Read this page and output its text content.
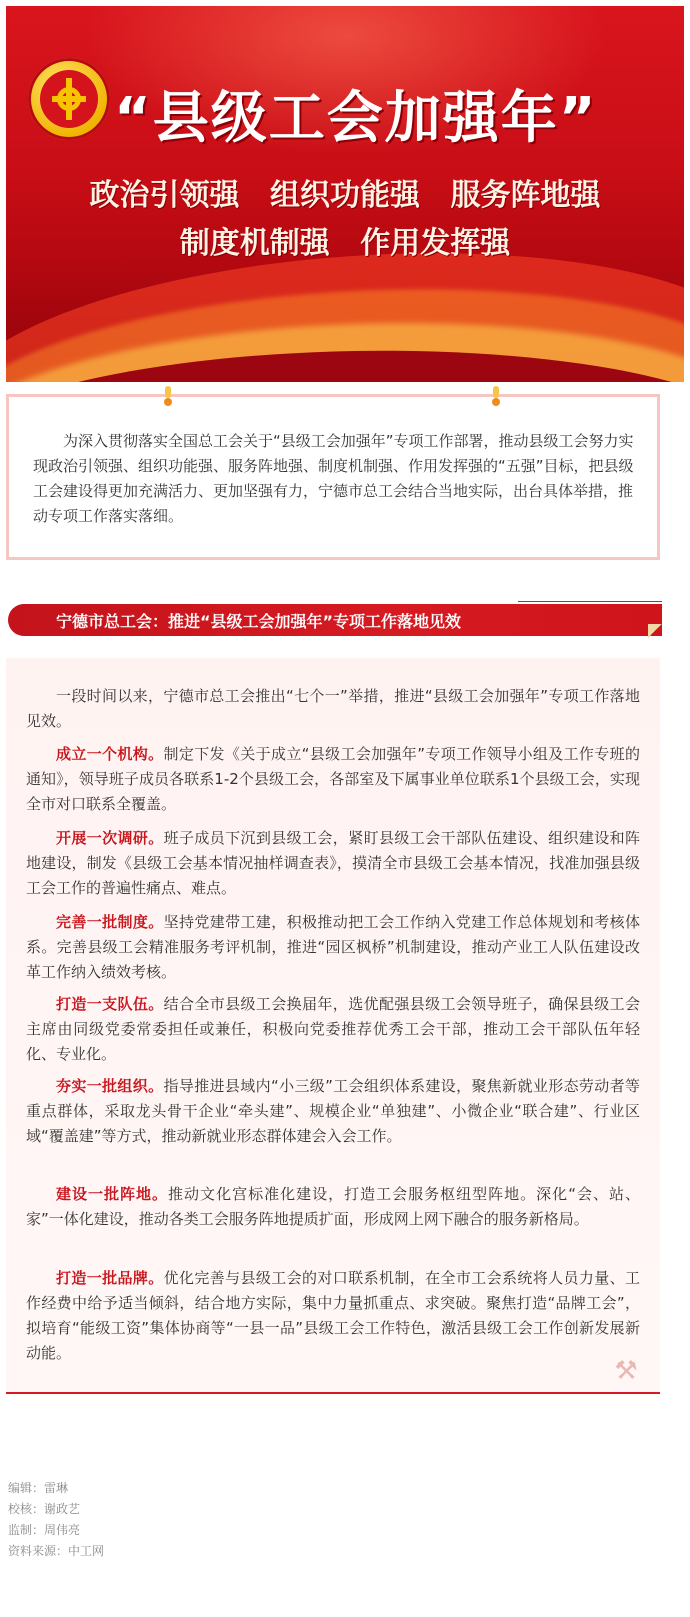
“县级工会加强年”
政治引领强 组织功能强 服务阵地强
制度机制强 作用发挥强

为深入贯彻落实全国总工会关于“县级工会加强年”专项工作部署，推动县级工会努力实现政治引领强、组织功能强、服务阵地强、制度机制强、作用发挥强的“五强”目标，把县级工会建设得更加充满活力、更加坚强有力，宁德市总工会结合当地实际，出台具体举措，推动专项工作落实落细。

宁德市总工会：推进“县级工会加强年”专项工作落地见效

一段时间以来，宁德市总工会推出“七个一”举措，推进“县级工会加强年”专项工作落地见效。

成立一个机构。制定下发《关于成立“县级工会加强年”专项工作领导小组及工作专班的通知》，领导班子成员各联系1-2个县级工会，各部室及下属事业单位联系1个县级工会，实现全市对口联系全覆盖。

开展一次调研。班子成员下沉到县级工会，紧盯县级工会干部队伍建设、组织建设和阵地建设，制发《县级工会基本情况抽样调查表》，摸清全市县级工会基本情况，找准加强县级工会工作的普遍性痛点、难点。

完善一批制度。坚持党建带工建，积极推动把工会工作纳入党建工作总体规划和考核体系。完善县级工会精准服务考评机制，推进“园区枫桥”机制建设，推动产业工人队伍建设改革工作纳入绩效考核。

打造一支队伍。结合全市县级工会换届年，选优配强县级工会领导班子，确保县级工会主席由同级党委常委担任或兼任，积极向党委推荐优秀工会干部，推动工会干部队伍年轻化、专业化。

夯实一批组织。指导推进县域内“小三级”工会组织体系建设，聚焦新就业形态劳动者等重点群体，采取龙头骨干企业“牵头建”、规模企业“单独建”、小微企业“联合建”、行业区域“覆盖建”等方式，推动新就业形态群体建会入会工作。

建设一批阵地。推动文化宫标准化建设，打造工会服务枢纽型阵地。深化“会、站、家”一体化建设，推动各类工会服务阵地提质扩面，形成网上网下融合的服务新格局。

打造一批品牌。优化完善与县级工会的对口联系机制，在全市工会系统将人员力量、工作经费中给予适当倾斜，结合地方实际，集中力量抓重点、求突破。聚焦打造“品牌工会”，拟培育“能级工资”集体协商等“一县一品”县级工会工作特色，激活县级工会工作创新发展新动能。

⚒
编辑：雷琳
校核：谢政艺
监制：周伟亮
资料来源：中工网
